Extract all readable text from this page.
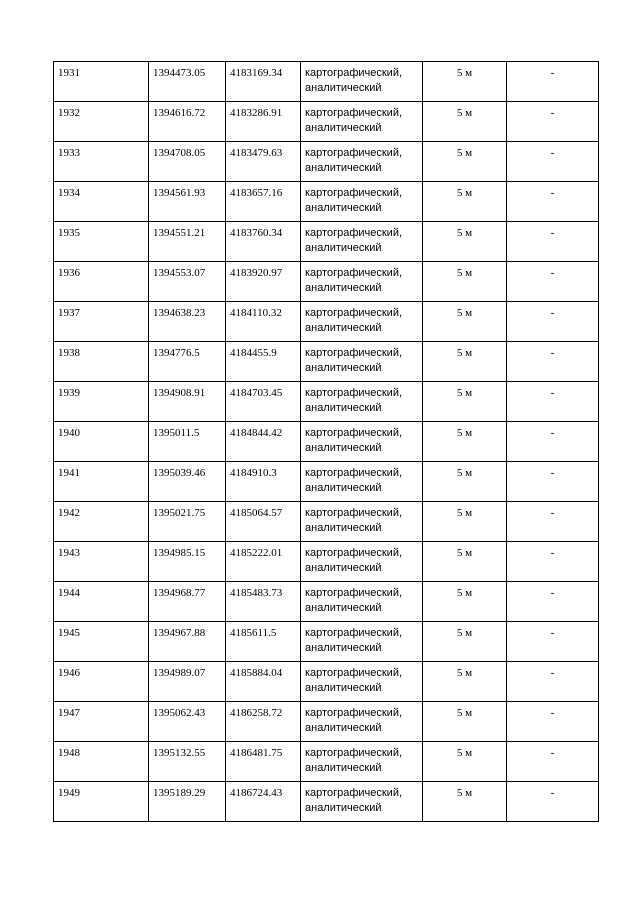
1931	1394473.05	4183169.34	картографический,
аналитический	5 м	-
1932	1394616.72	4183286.91	картографический,
аналитический	5 м	-
1933	1394708.05	4183479.63	картографический,
аналитический	5 м	-
1934	1394561.93	4183657.16	картографический,
аналитический	5 м	-
1935	1394551.21	4183760.34	картографический,
аналитический	5 м	-
1936	1394553.07	4183920.97	картографический,
аналитический	5 м	-
1937	1394638.23	4184110.32	картографический,
аналитический	5 м	-
1938	1394776.5	4184455.9	картографический,
аналитический	5 м	-
1939	1394908.91	4184703.45	картографический,
аналитический	5 м	-
1940	1395011.5	4184844.42	картографический,
аналитический	5 м	-
1941	1395039.46	4184910.3	картографический,
аналитический	5 м	-
1942	1395021.75	4185064.57	картографический,
аналитический	5 м	-
1943	1394985.15	4185222.01	картографический,
аналитический	5 м	-
1944	1394968.77	4185483.73	картографический,
аналитический	5 м	-
1945	1394967.88	4185611.5	картографический,
аналитический	5 м	-
1946	1394989.07	4185884.04	картографический,
аналитический	5 м	-
1947	1395062.43	4186258.72	картографический,
аналитический	5 м	-
1948	1395132.55	4186481.75	картографический,
аналитический	5 м	-
1949	1395189.29	4186724.43	картографический,
аналитический	5 м	-
